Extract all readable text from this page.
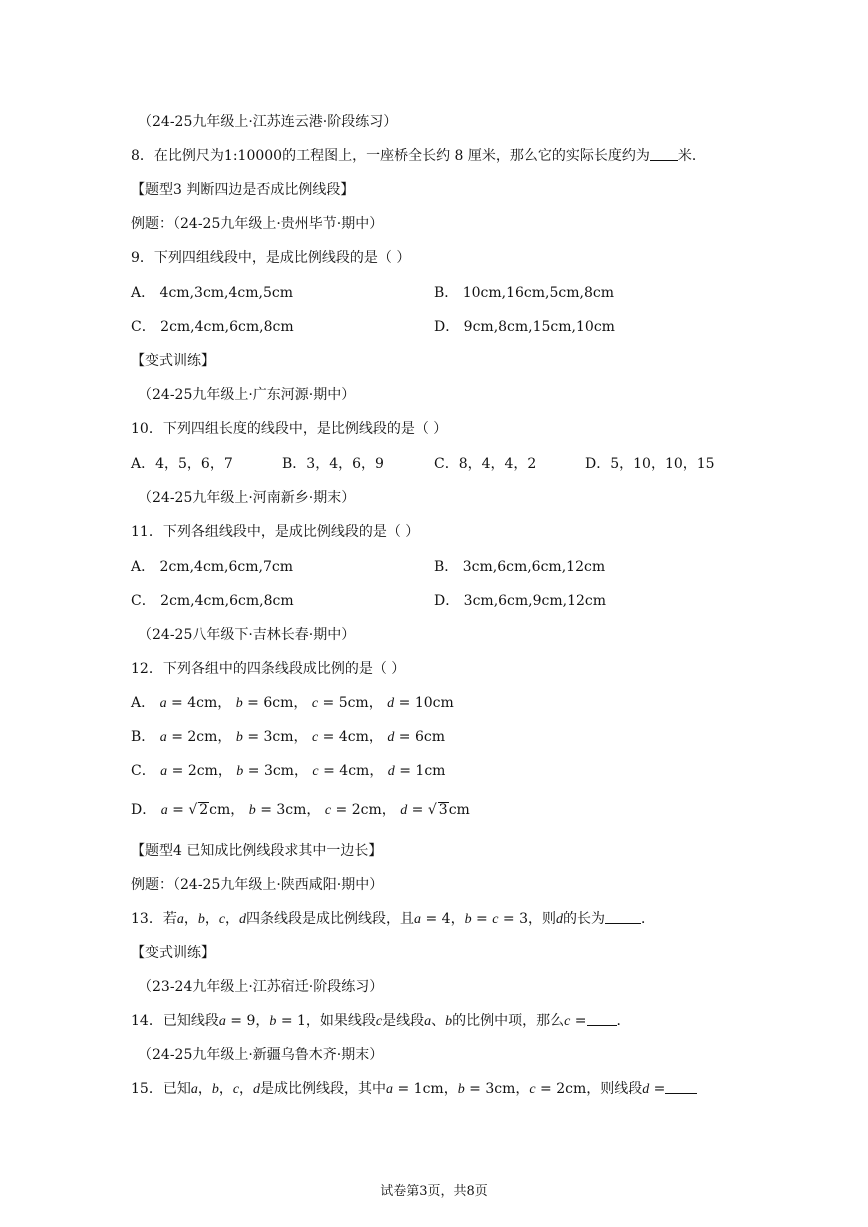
（24-25九年级上·江苏连云港·阶段练习）
8．在比例尺为1:10000的工程图上，一座桥全长约 8 厘米，那么它的实际长度约为 米．
【题型3 判断四边是否成比例线段】
例题：（24-25九年级上·贵州毕节·期中）
9．下列四组线段中，是成比例线段的是（ ）
A． 4cm,3cm,4cm,5cm	B． 10cm,16cm,5cm,8cm
C． 2cm,4cm,6cm,8cm	D． 9cm,8cm,15cm,10cm
【变式训练】
（24-25九年级上·广东河源·期中）
10．下列四组长度的线段中，是比例线段的是（ ）
A．4，5，6，7	B．3，4，6，9	C．8，4，4，2	D．5，10，10，15
（24-25九年级上·河南新乡·期末）
11．下列各组线段中，是成比例线段的是（ ）
A． 2cm,4cm,6cm,7cm	B． 3cm,6cm,6cm,12cm
C． 2cm,4cm,6cm,8cm	D． 3cm,6cm,9cm,12cm
（24-25八年级下·吉林长春·期中）
12．下列各组中的四条线段成比例的是（ ）
A． a = 4cm， b = 6cm， c = 5cm， d = 10cm
B． a = 2cm， b = 3cm， c = 4cm， d = 6cm
C． a = 2cm， b = 3cm， c = 4cm， d = 1cm
D． a = √ 2cm， b = 3cm， c = 2cm， d = √ 3cm
【题型4 已知成比例线段求其中一边长】
例题：（24-25九年级上·陕西咸阳·期中）
13．若a，b，c，d四条线段是成比例线段，且a = 4，b = c = 3，则d的长为	．
【变式训练】
（23-24九年级上·江苏宿迁·阶段练习）
14．已知线段a = 9，b = 1，如果线段c是线段a、b的比例中项，那么c = ．
（24-25九年级上·新疆乌鲁木齐·期末）
15．已知a，b，c，d是成比例线段，其中a = 1cm，b = 3cm，c = 2cm，则线段d =
试卷第3页，共8页
